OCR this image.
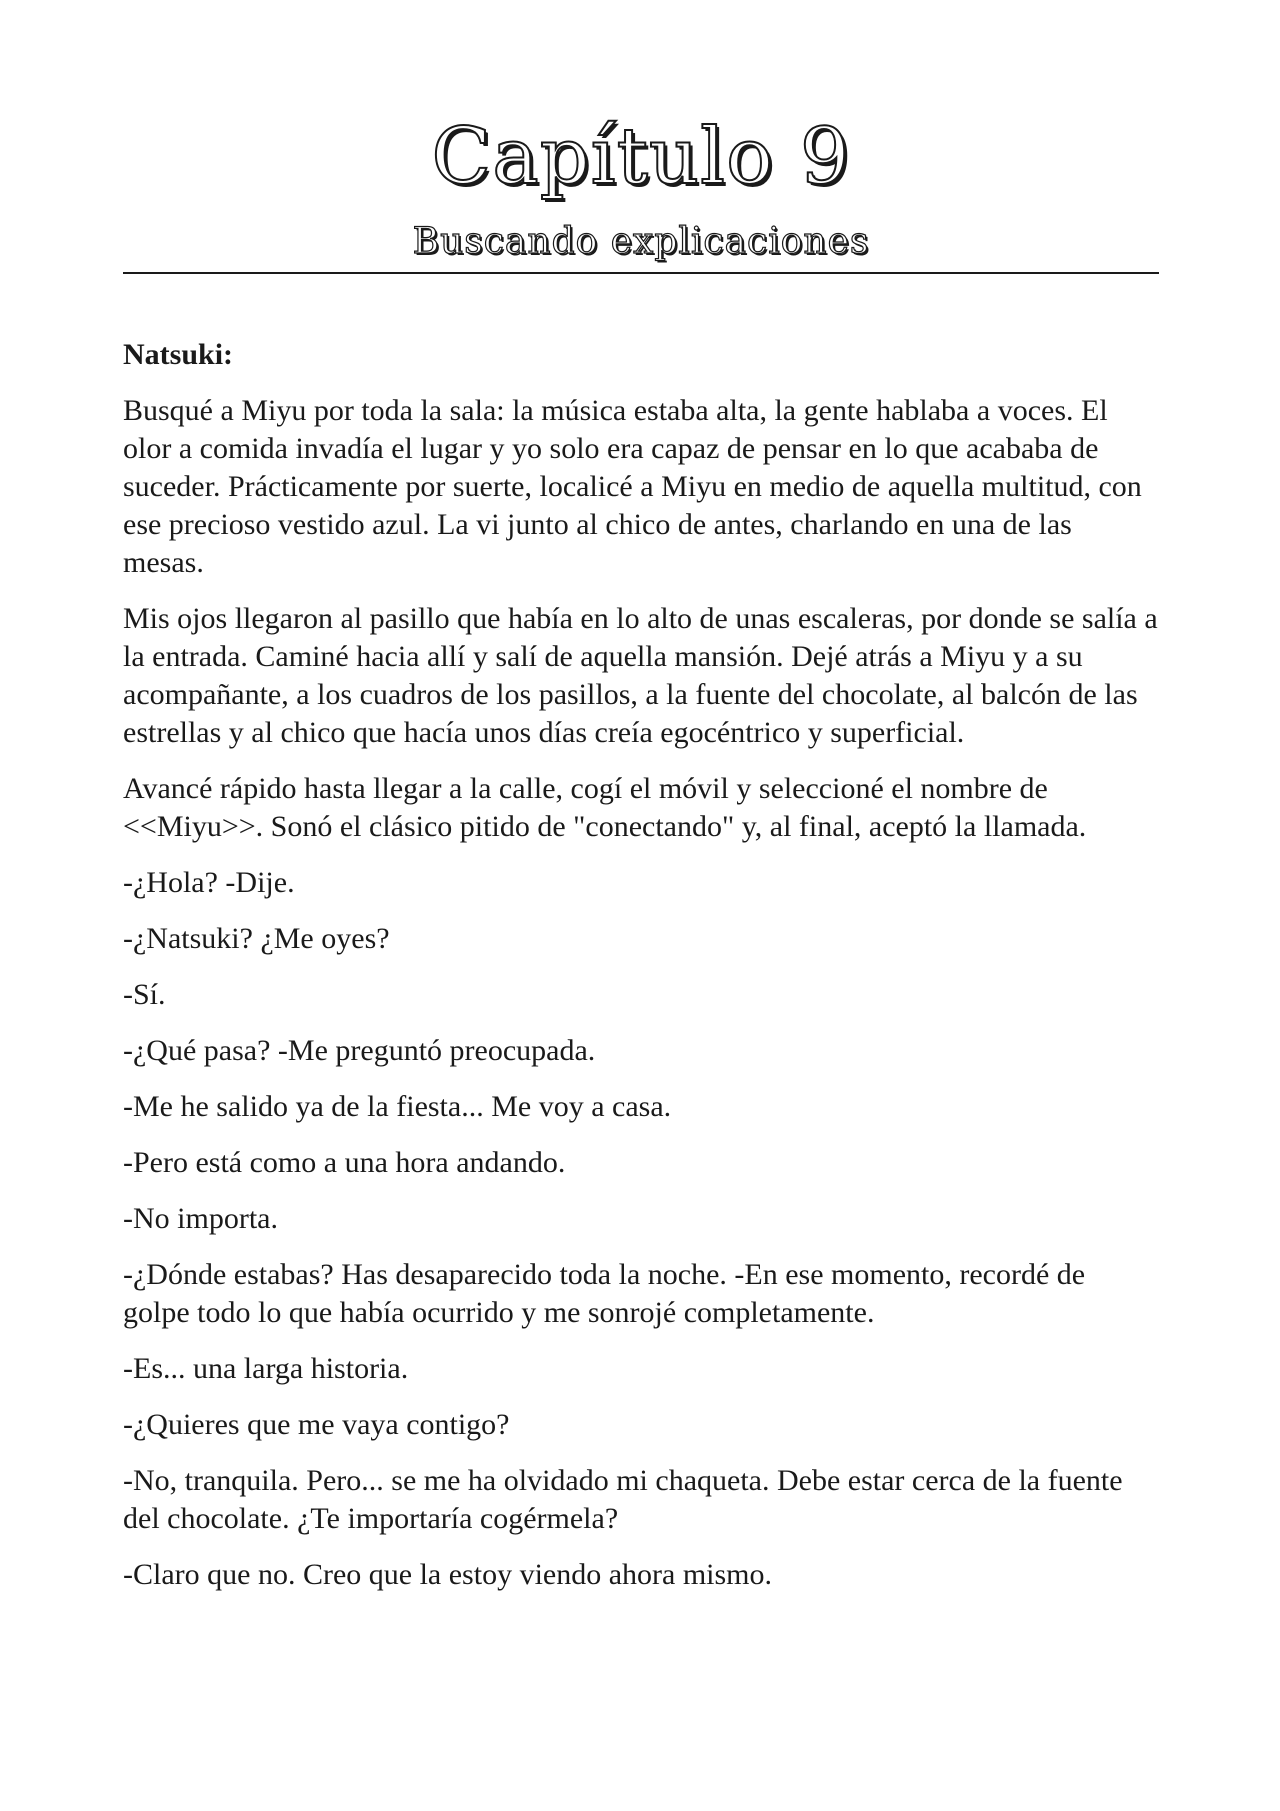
Capítulo 9
Buscando explicaciones

Natsuki:

Busqué a Miyu por toda la sala: la música estaba alta, la gente hablaba a voces. El olor a comida invadía el lugar y yo solo era capaz de pensar en lo que acababa de suceder. Prácticamente por suerte, localicé a Miyu en medio de aquella multitud, con ese precioso vestido azul. La vi junto al chico de antes, charlando en una de las mesas.

Mis ojos llegaron al pasillo que había en lo alto de unas escaleras, por donde se salía a la entrada. Caminé hacia allí y salí de aquella mansión. Dejé atrás a Miyu y a su acompañante, a los cuadros de los pasillos, a la fuente del chocolate, al balcón de las estrellas y al chico que hacía unos días creía egocéntrico y superficial.

Avancé rápido hasta llegar a la calle, cogí el móvil y seleccioné el nombre de <<Miyu>>. Sonó el clásico pitido de "conectando" y, al final, aceptó la llamada.

-¿Hola? -Dije.

-¿Natsuki? ¿Me oyes?

-Sí.

-¿Qué pasa? -Me preguntó preocupada.

-Me he salido ya de la fiesta... Me voy a casa.

-Pero está como a una hora andando.

-No importa.

-¿Dónde estabas? Has desaparecido toda la noche. -En ese momento, recordé de golpe todo lo que había ocurrido y me sonrojé completamente.

-Es... una larga historia.

-¿Quieres que me vaya contigo?

-No, tranquila. Pero... se me ha olvidado mi chaqueta. Debe estar cerca de la fuente del chocolate. ¿Te importaría cogérmela?

-Claro que no. Creo que la estoy viendo ahora mismo.
